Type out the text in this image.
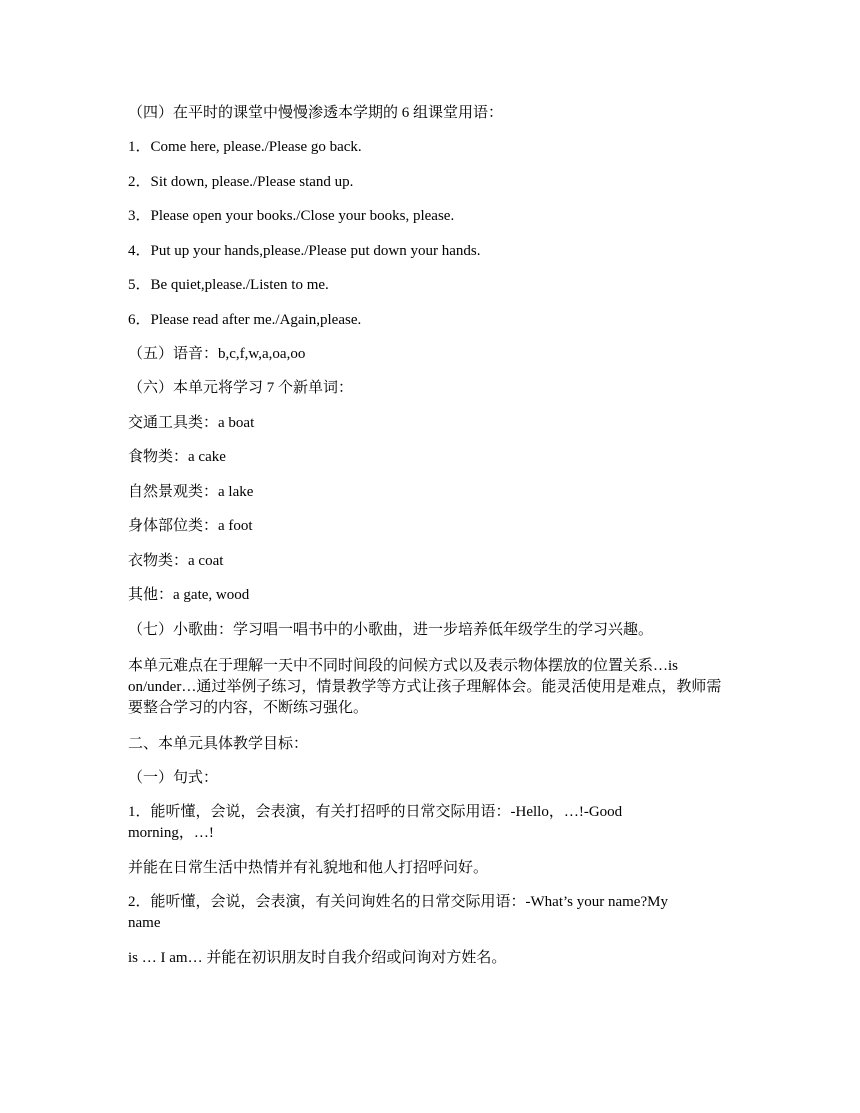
（四）在平时的课堂中慢慢渗透本学期的 6 组课堂用语：
1．Come here, please./Please go back.
2．Sit down, please./Please stand up.
3．Please open your books./Close your books, please.
4．Put up your hands,please./Please put down your hands.
5．Be quiet,please./Listen to me.
6．Please read after me./Again,please.
（五）语音：b,c,f,w,a,oa,oo
（六）本单元将学习 7 个新单词：
交通工具类：a boat
食物类：a cake
自然景观类：a lake
身体部位类：a foot
衣物类：a coat
其他：a gate, wood
（七）小歌曲：学习唱一唱书中的小歌曲，进一步培养低年级学生的学习兴趣。
本单元难点在于理解一天中不同时间段的问候方式以及表示物体摆放的位置关系…is on/under…通过举例子练习，情景教学等方式让孩子理解体会。能灵活使用是难点，教师需要整合学习的内容，不断练习强化。
二、本单元具体教学目标：
（一）句式：
1．能听懂，会说，会表演，有关打招呼的日常交际用语：-Hello，…!-Good morning，…!
并能在日常生活中热情并有礼貌地和他人打招呼问好。
2．能听懂，会说，会表演，有关问询姓名的日常交际用语：-What’s your name?My name
is … I am… 并能在初识朋友时自我介绍或问询对方姓名。
